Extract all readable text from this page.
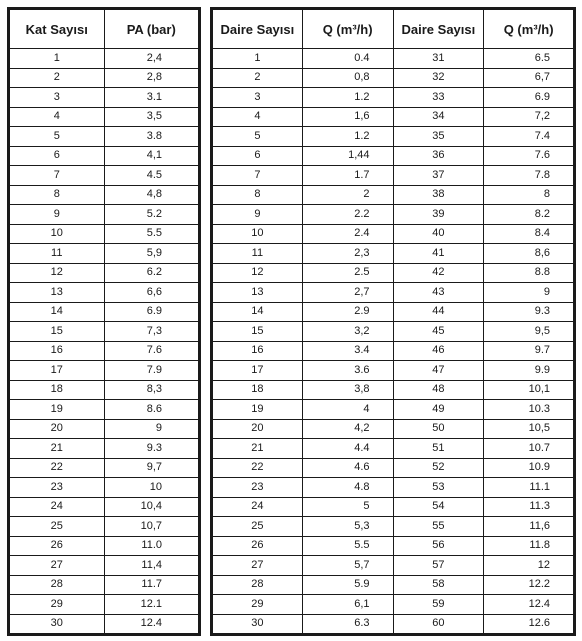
Kat Sayısı	PA (bar)
1	2,4
2	2,8
3	3.1
4	3,5
5	3.8
6	4,1
7	4.5
8	4,8
9	5.2
10	5.5
11	5,9
12	6.2
13	6,6
14	6.9
15	7,3
16	7.6
17	7.9
18	8,3
19	8.6
20	9
21	9.3
22	9,7
23	10
24	10,4
25	10,7
26	11.0
27	11,4
28	11.7
29	12.1
30	12.4
Daire Sayısı	Q (m³/h)	Daire Sayısı	Q (m³/h)
1	0.4	31	6.5
2	0,8	32	6,7
3	1.2	33	6.9
4	1,6	34	7,2
5	1.2	35	7.4
6	1,44	36	7.6
7	1.7	37	7.8
8	2	38	8
9	2.2	39	8.2
10	2.4	40	8.4
11	2,3	41	8,6
12	2.5	42	8.8
13	2,7	43	9
14	2.9	44	9.3
15	3,2	45	9,5
16	3.4	46	9.7
17	3.6	47	9.9
18	3,8	48	10,1
19	4	49	10.3
20	4,2	50	10,5
21	4.4	51	10.7
22	4.6	52	10.9
23	4.8	53	11.1
24	5	54	11.3
25	5,3	55	11,6
26	5.5	56	11.8
27	5,7	57	12
28	5.9	58	12.2
29	6,1	59	12.4
30	6.3	60	12.6
